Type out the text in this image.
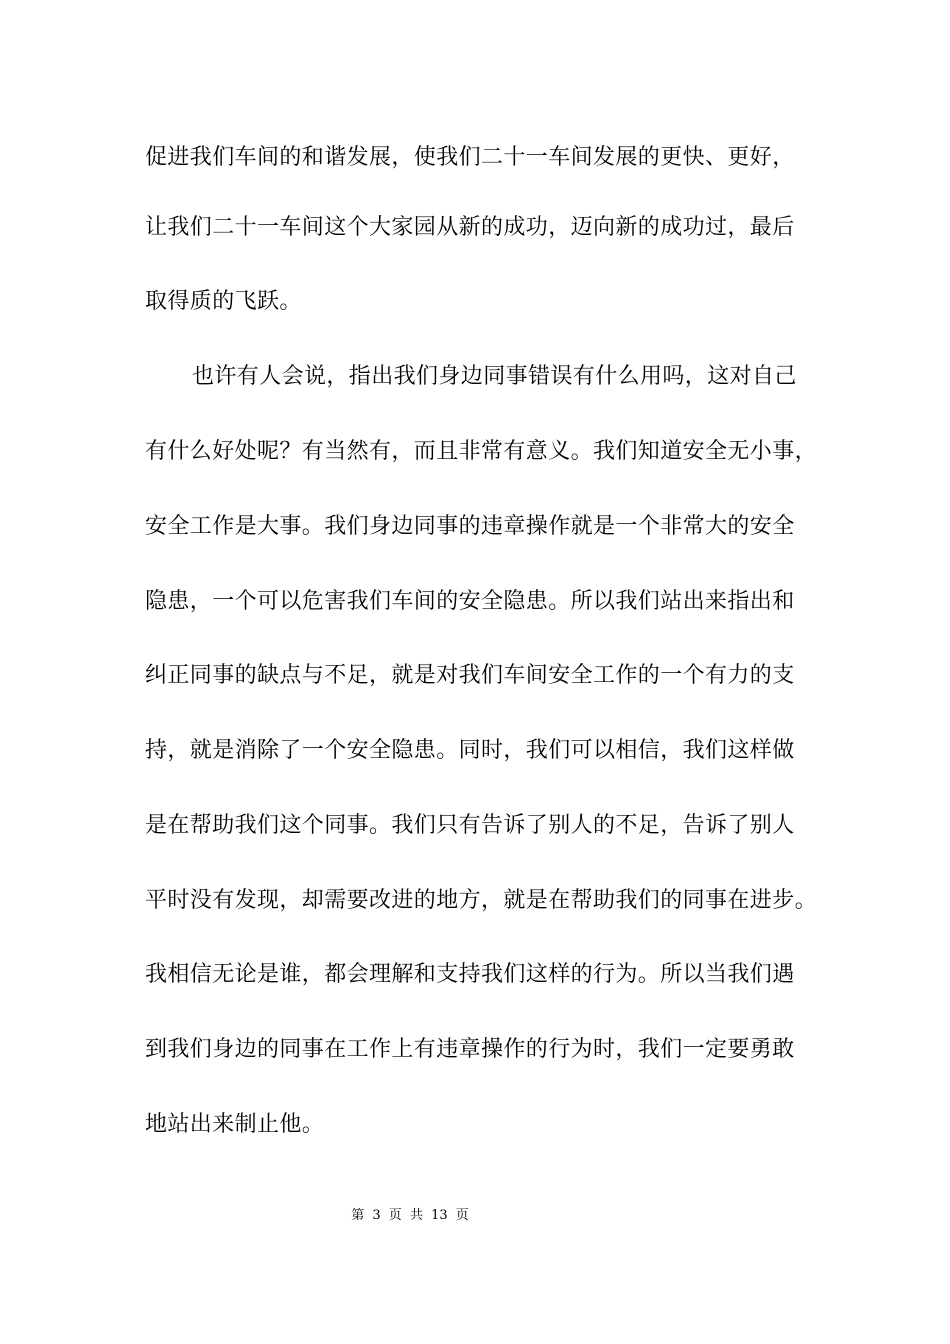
促进我们车间的和谐发展，使我们二十一车间发展的更快、更好，
让我们二十一车间这个大家园从新的成功，迈向新的成功过，最后
取得质的飞跃。
也许有人会说，指出我们身边同事错误有什么用吗，这对自己
有什么好处呢？有当然有，而且非常有意义。我们知道安全无小事，
安全工作是大事。我们身边同事的违章操作就是一个非常大的安全
隐患，一个可以危害我们车间的安全隐患。所以我们站出来指出和
纠正同事的缺点与不足，就是对我们车间安全工作的一个有力的支
持，就是消除了一个安全隐患。同时，我们可以相信，我们这样做
是在帮助我们这个同事。我们只有告诉了别人的不足，告诉了别人
平时没有发现，却需要改进的地方，就是在帮助我们的同事在进步。
我相信无论是谁，都会理解和支持我们这样的行为。所以当我们遇
到我们身边的同事在工作上有违章操作的行为时，我们一定要勇敢
地站出来制止他。
第 3 页 共 13 页
